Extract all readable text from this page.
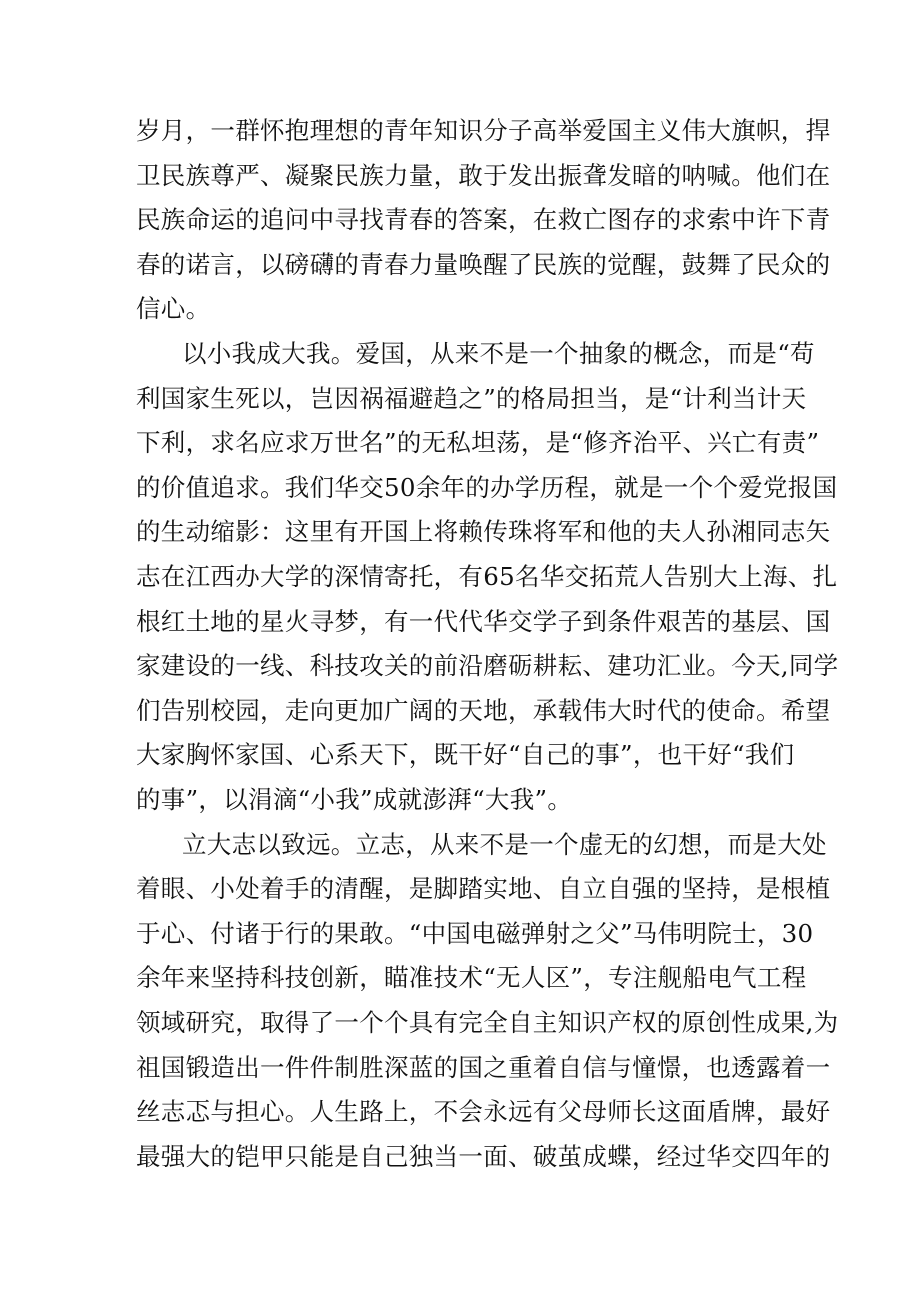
岁月，一群怀抱理想的青年知识分子高举爱国主义伟大旗帜，捍
卫民族尊严、凝聚民族力量，敢于发出振聋发暗的呐喊。他们在
民族命运的追问中寻找青春的答案，在救亡图存的求索中许下青
春的诺言，以磅礴的青春力量唤醒了民族的觉醒，鼓舞了民众的
信心。
以小我成大我。爱国，从来不是一个抽象的概念，而是“苟
利国家生死以，岂因祸福避趋之”的格局担当，是“计利当计天
下利，求名应求万世名”的无私坦荡，是“修齐治平、兴亡有责”
的价值追求。我们华交50余年的办学历程，就是一个个爱党报国
的生动缩影：这里有开国上将赖传珠将军和他的夫人孙湘同志矢
志在江西办大学的深情寄托，有65名华交拓荒人告别大上海、扎
根红土地的星火寻梦，有一代代华交学子到条件艰苦的基层、国
家建设的一线、科技攻关的前沿磨砺耕耘、建功汇业。今天,同学
们告别校园，走向更加广阔的天地，承载伟大时代的使命。希望
大家胸怀家国、心系天下，既干好“自己的事”，也干好“我们
的事”，以涓滴“小我”成就澎湃“大我”。
立大志以致远。立志，从来不是一个虚无的幻想，而是大处
着眼、小处着手的清醒，是脚踏实地、自立自强的坚持，是根植
于心、付诸于行的果敢。“中国电磁弹射之父”马伟明院士，30
余年来坚持科技创新，瞄准技术“无人区”，专注舰船电气工程
领域研究，取得了一个个具有完全自主知识产权的原创性成果,为
祖国锻造出一件件制胜深蓝的国之重着自信与憧憬，也透露着一
丝志忑与担心。人生路上，不会永远有父母师长这面盾牌，最好
最强大的铠甲只能是自己独当一面、破茧成蝶，经过华交四年的
